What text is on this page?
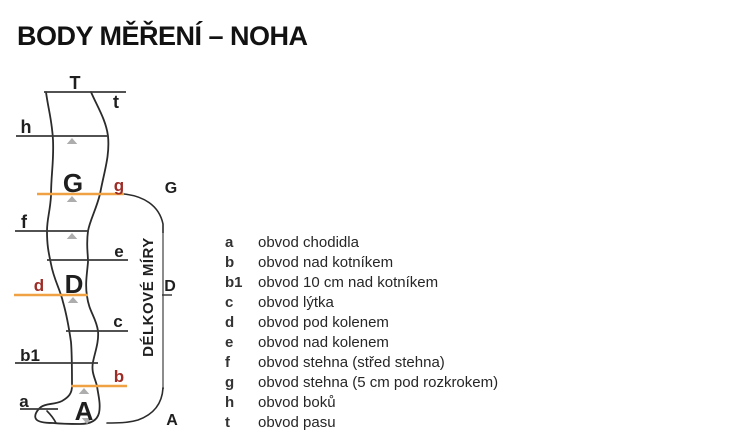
BODY MĚŘENÍ – NOHA
DÉLKOVÉ MÍRY
T
t
h
G g
f
e
d D
c
b1
b
a A
G
D
A
a	obvod chodidla
b	obvod nad kotníkem
b1	obvod 10 cm nad kotníkem
c	obvod lýtka
d	obvod pod kolenem
e	obvod nad kolenem
f	obvod stehna (střed stehna)
g	obvod stehna (5 cm pod rozkrokem)
h	obvod boků
t	obvod pasu
